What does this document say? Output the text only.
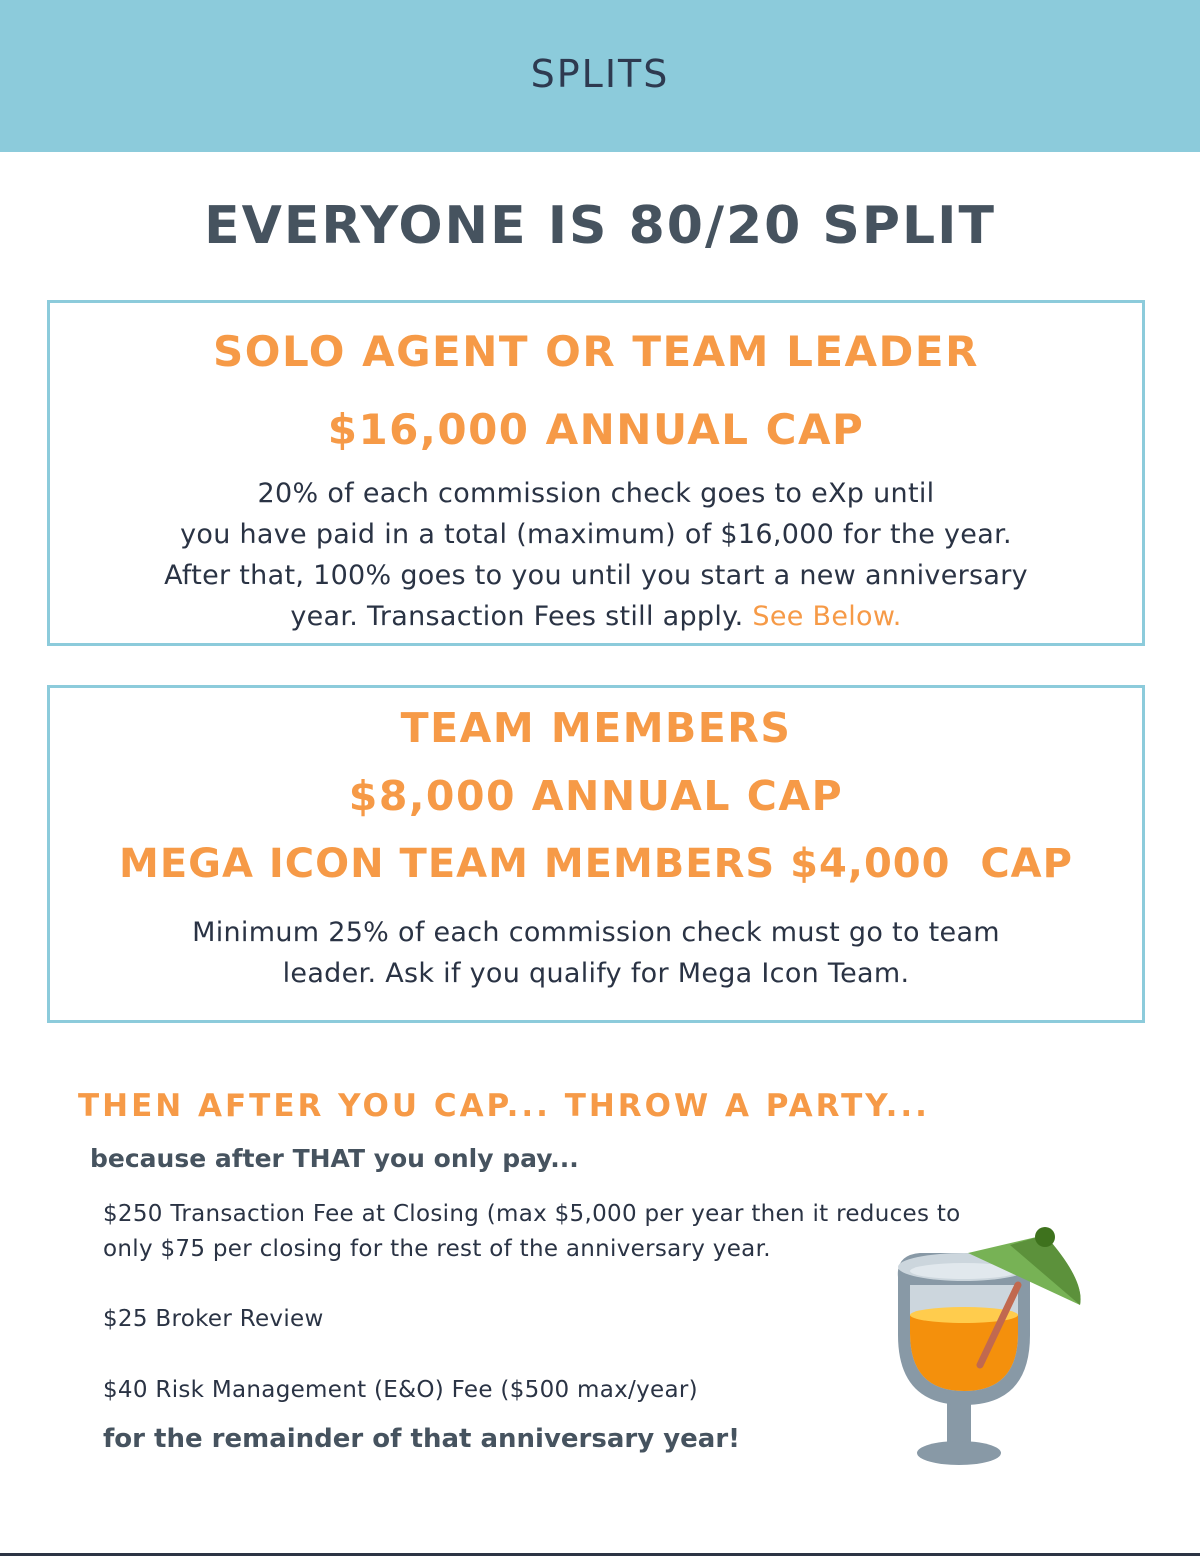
SPLITS
EVERYONE IS 80/20 SPLIT
SOLO AGENT OR TEAM LEADER
$16,000 ANNUAL CAP
20% of each commission check goes to eXp until
you have paid in a total (maximum) of $16,000 for the year.
After that, 100% goes to you until you start a new anniversary
year. Transaction Fees still apply. See Below.
TEAM MEMBERS
$8,000 ANNUAL CAP
MEGA ICON TEAM MEMBERS $4,000  CAP
Minimum 25% of each commission check must go to team
leader. Ask if you qualify for Mega Icon Team.
THEN AFTER YOU CAP... THROW A PARTY...
because after THAT you only pay...
$250 Transaction Fee at Closing (max $5,000 per year then it reduces to
only $75 per closing for the rest of the anniversary year.
$25 Broker Review
$40 Risk Management (E&O) Fee ($500 max/year)
for the remainder of that anniversary year!
